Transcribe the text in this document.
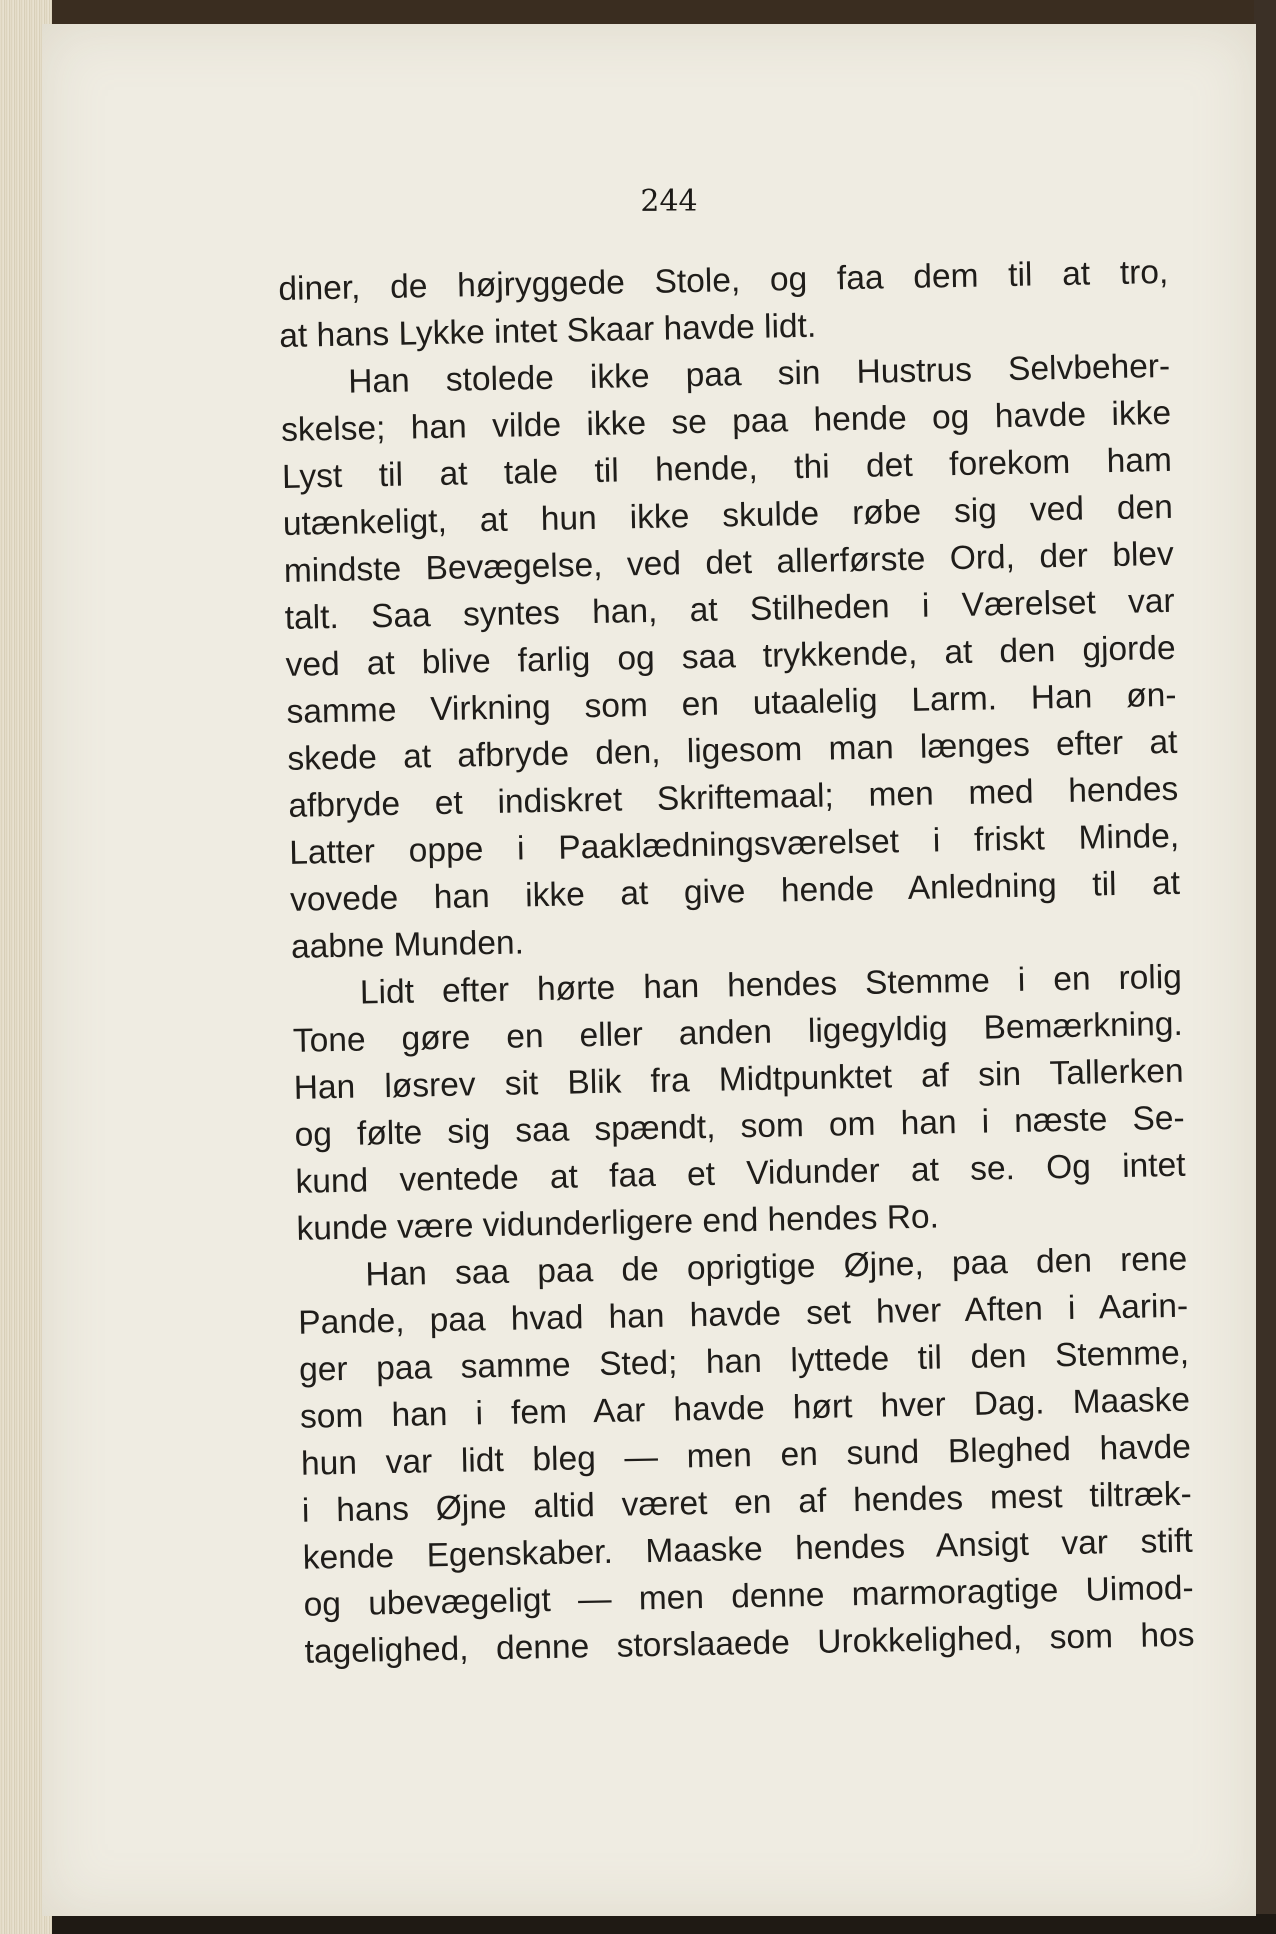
244

diner, de højryggede Stole, og faa dem til at tro,
at hans Lykke intet Skaar havde lidt.
Han stolede ikke paa sin Hustrus Selvbeher-
skelse; han vilde ikke se paa hende og havde ikke
Lyst til at tale til hende, thi det forekom ham
utænkeligt, at hun ikke skulde røbe sig ved den
mindste Bevægelse, ved det allerførste Ord, der blev
talt. Saa syntes han, at Stilheden i Værelset var
ved at blive farlig og saa trykkende, at den gjorde
samme Virkning som en utaalelig Larm. Han øn-
skede at afbryde den, ligesom man længes efter at
afbryde et indiskret Skriftemaal; men med hendes
Latter oppe i Paaklædningsværelset i friskt Minde,
vovede han ikke at give hende Anledning til at
aabne Munden.
Lidt efter hørte han hendes Stemme i en rolig
Tone gøre en eller anden ligegyldig Bemærkning.
Han løsrev sit Blik fra Midtpunktet af sin Tallerken
og følte sig saa spændt, som om han i næste Se-
kund ventede at faa et Vidunder at se. Og intet
kunde være vidunderligere end hendes Ro.
Han saa paa de oprigtige Øjne, paa den rene
Pande, paa hvad han havde set hver Aften i Aarin-
ger paa samme Sted; han lyttede til den Stemme,
som han i fem Aar havde hørt hver Dag. Maaske
hun var lidt bleg — men en sund Bleghed havde
i hans Øjne altid været en af hendes mest tiltræk-
kende Egenskaber. Maaske hendes Ansigt var stift
og ubevægeligt — men denne marmoragtige Uimod-
tagelighed, denne storslaaede Urokkelighed, som hos
